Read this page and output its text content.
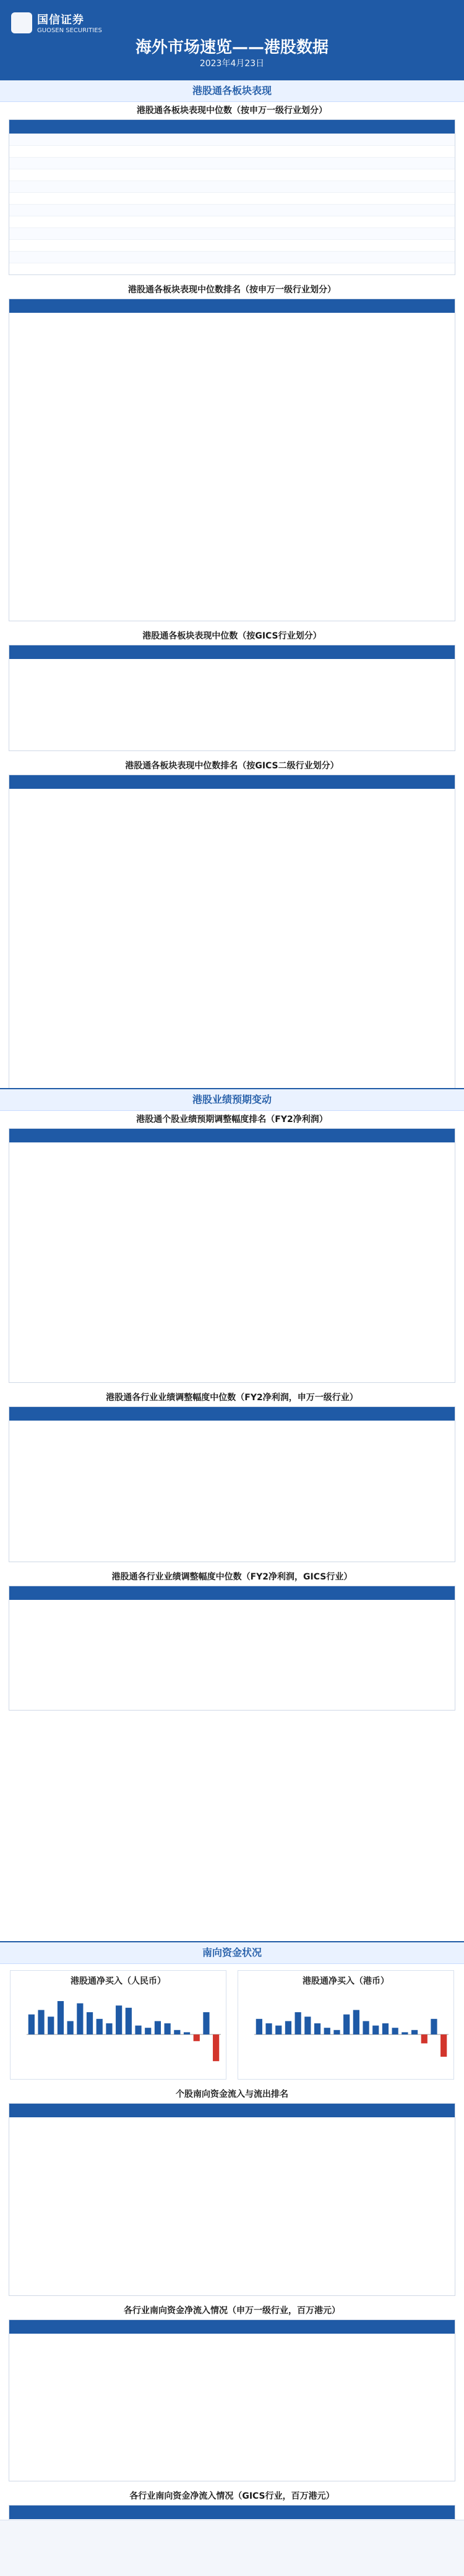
国信证券
GUOSEN SECURITIES
海外市场速览——港股数据
2023年4月23日
港股通各板块表现
港股通各板块表现中位数（按申万一级行业划分）
港股通各板块表现中位数排名（按申万一级行业划分）
港股通各板块表现中位数（按GICS行业划分）
港股通各板块表现中位数排名（按GICS二级行业划分）
港股业绩预期变动
港股通个股业绩预期调整幅度排名（FY2净利润）
港股通各行业业绩调整幅度中位数（FY2净利润，申万一级行业）
港股通各行业业绩调整幅度中位数（FY2净利润，GICS行业）
南向资金状况
港股通净买入（人民币）	港股通净买入（港币）
个股南向资金流入与流出排名
各行业南向资金净流入情况（申万一级行业，百万港元）
各行业南向资金净流入情况（GICS行业，百万港元）
